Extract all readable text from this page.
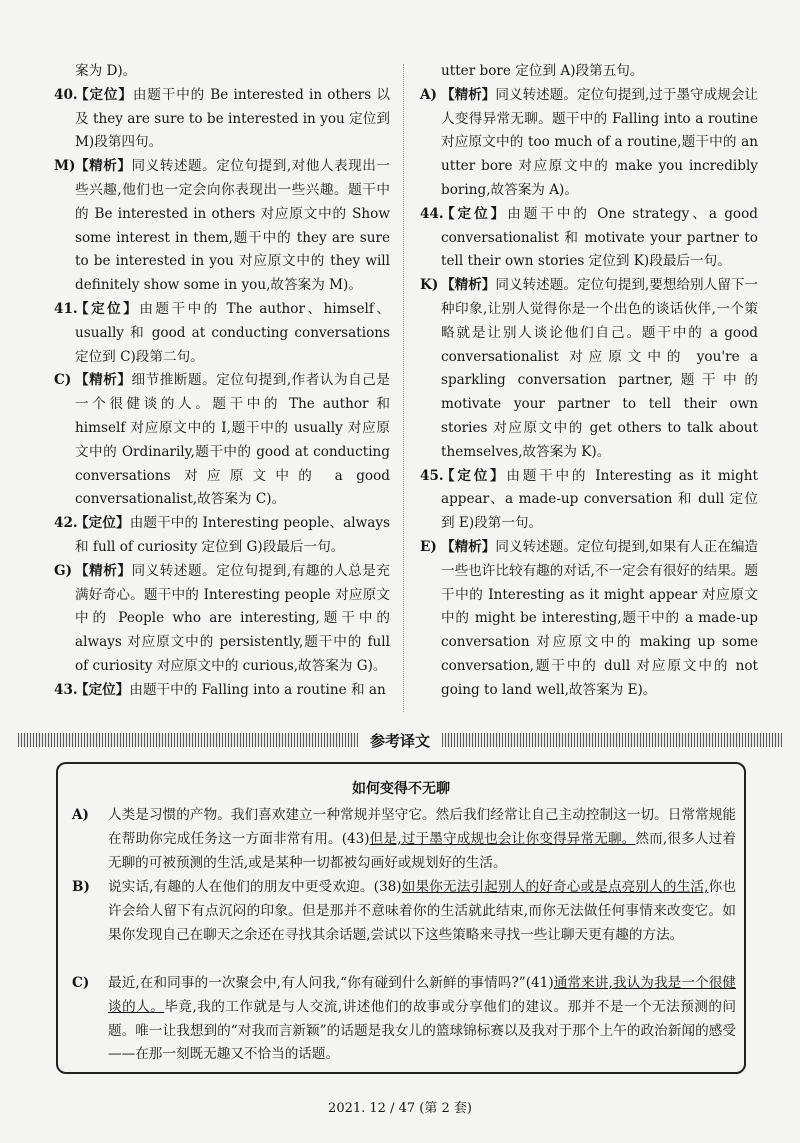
案为 D)。
40.
【定位】由题干中的 Be interested in others 以及 they are sure to be interested in you 定位到 M)段第四句。
M) 【精析】同义转述题。定位句提到,对他人表现出一些兴趣,他们也一定会向你表现出一些兴趣。题干中的 Be interested in others 对应原文中的 Show some interest in them,题干中的 they are sure to be interested in you 对应原文中的 they will definitely show some in you,故答案为 M)。
41.
【定位】由题干中的 The author、himself、usually 和 good at conducting conversations 定位到 C)段第二句。
C) 【精析】细节推断题。定位句提到,作者认为自己是一个很健谈的人。题干中的 The author 和 himself 对应原文中的 I,题干中的 usually 对应原文中的 Ordinarily,题干中的 good at conducting conversations 对应原文中的 a good conversationalist,故答案为 C)。
42.
【定位】由题干中的 Interesting people、always 和 full of curiosity 定位到 G)段最后一句。
G) 【精析】同义转述题。定位句提到,有趣的人总是充满好奇心。题干中的 Interesting people 对应原文中的 People who are interesting,题干中的 always 对应原文中的 persistently,题干中的 full of curiosity 对应原文中的 curious,故答案为 G)。
43.
【定位】由题干中的 Falling into a routine 和 an
utter bore 定位到 A)段第五句。
A) 【精析】同义转述题。定位句提到,过于墨守成规会让人变得异常无聊。题干中的 Falling into a routine 对应原文中的 too much of a routine,题干中的 an utter bore 对应原文中的 make you incredibly boring,故答案为 A)。
44.
【定位】由题干中的 One strategy、a good conversationalist 和 motivate your partner to tell their own stories 定位到 K)段最后一句。
K) 【精析】同义转述题。定位句提到,要想给别人留下一种印象,让别人觉得你是一个出色的谈话伙伴,一个策略就是让别人谈论他们自己。题干中的 a good conversationalist 对应原文中的 you're a sparkling conversation partner,题干中的 motivate your partner to tell their own stories 对应原文中的 get others to talk about themselves,故答案为 K)。
45.
【定位】由题干中的 Interesting as it might appear、a made-up conversation 和 dull 定位到 E)段第一句。
E) 【精析】同义转述题。定位句提到,如果有人正在编造一些也许比较有趣的对话,不一定会有很好的结果。题干中的 Interesting as it might appear 对应原文中的 might be interesting,题干中的 a made-up conversation 对应原文中的 making up some conversation,题干中的 dull 对应原文中的 not going to land well,故答案为 E)。
参考译文
如何变得不无聊
A)	人类是习惯的产物。我们喜欢建立一种常规并坚守它。然后我们经常让自己主动控制这一切。日常常规能在帮助你完成任务这一方面非常有用。(43)但是,过于墨守成规也会让你变得异常无聊。然而,很多人过着无聊的可被预测的生活,或是某种一切都被勾画好或规划好的生活。
B)	说实话,有趣的人在他们的朋友中更受欢迎。(38)如果你无法引起别人的好奇心或是点亮别人的生活,你也许会给人留下有点沉闷的印象。但是那并不意味着你的生活就此结束,而你无法做任何事情来改变它。如果你发现自己在聊天之余还在寻找其余话题,尝试以下这些策略来寻找一些让聊天更有趣的方法。
C)	最近,在和同事的一次聚会中,有人问我,“你有碰到什么新鲜的事情吗?”(41)通常来讲,我认为我是一个很健谈的人。毕竟,我的工作就是与人交流,讲述他们的故事或分享他们的建议。那并不是一个无法预测的问题。唯一让我想到的“对我而言新颖”的话题是我女儿的篮球锦标赛以及我对于那个上午的政治新闻的感受——在那一刻既无趣又不恰当的话题。
2021. 12 / 47 (第 2 套)
